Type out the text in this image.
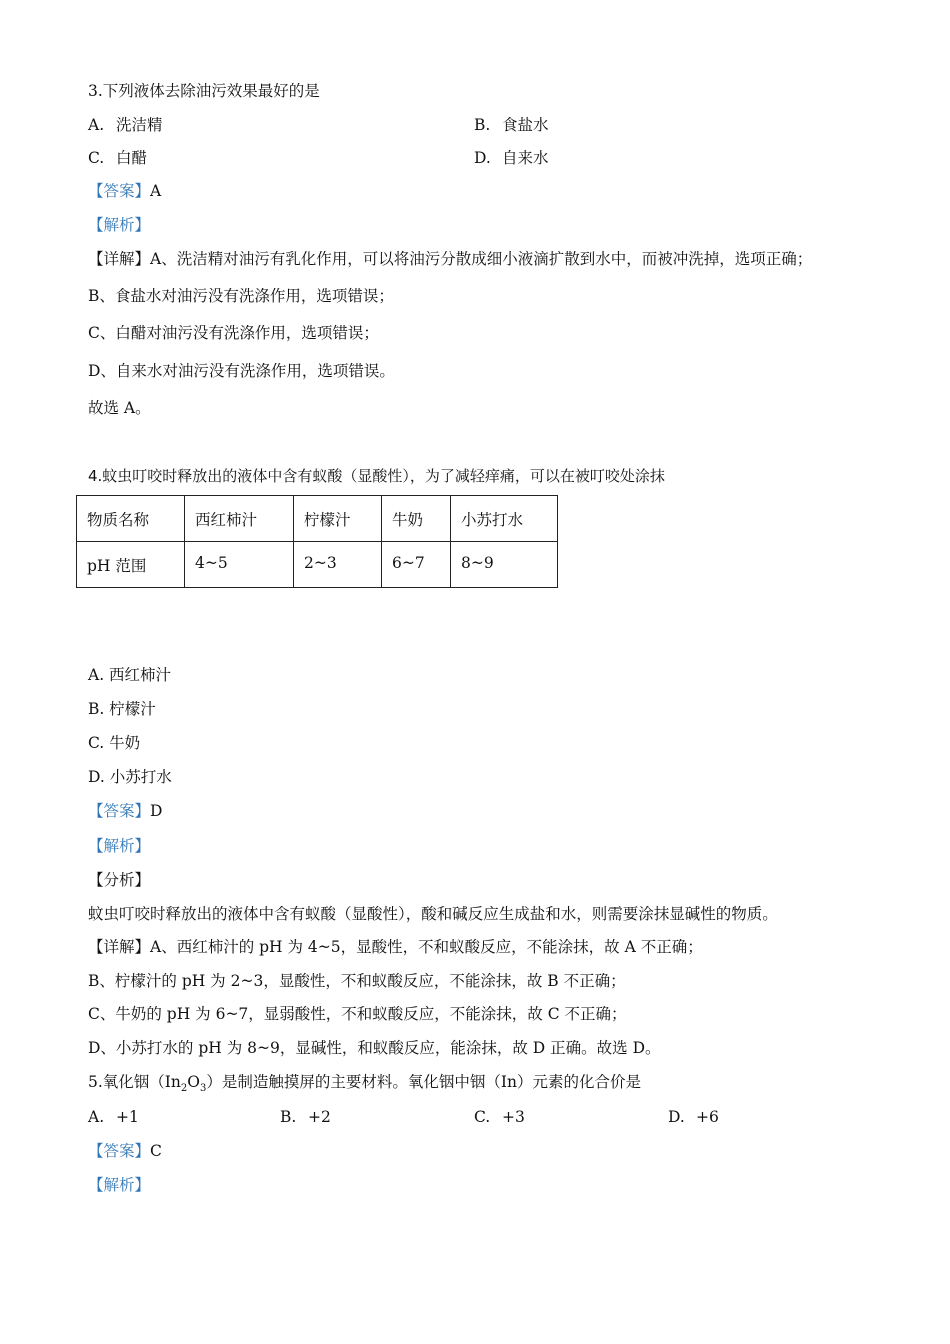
3.下列液体去除油污效果最好的是
A. 洗洁精	B. 食盐水
C. 白醋	D. 自来水
【答案】A
【解析】
【详解】A、洗洁精对油污有乳化作用，可以将油污分散成细小液滴扩散到水中，而被冲洗掉，选项正确；
B、食盐水对油污没有洗涤作用，选项错误；
C、白醋对油污没有洗涤作用，选项错误；
D、自来水对油污没有洗涤作用，选项错误。
故选 A。
4.蚊虫叮咬时释放出的液体中含有蚁酸（显酸性），为了减轻痒痛，可以在被叮咬处涂抹
物质名称	西红柿汁	柠檬汁	牛奶	小苏打水
pH 范围	4~5	2~3	6~7	8~9
A. 西红柿汁
B. 柠檬汁
C. 牛奶
D. 小苏打水
【答案】D
【解析】
【分析】
蚊虫叮咬时释放出的液体中含有蚁酸（显酸性），酸和碱反应生成盐和水，则需要涂抹显碱性的物质。
【详解】A、西红柿汁的 pH 为 4~5，显酸性，不和蚁酸反应，不能涂抹，故 A 不正确；
B、柠檬汁的 pH 为 2~3，显酸性，不和蚁酸反应，不能涂抹，故 B 不正确；
C、牛奶的 pH 为 6~7，显弱酸性，不和蚁酸反应，不能涂抹，故 C 不正确；
D、小苏打水的 pH 为 8~9，显碱性，和蚁酸反应，能涂抹，故 D 正确。故选 D。
5.氧化铟$(In_2O_3)$是制造触摸屏的主要材料。氧化铟中铟（In）元素的化合价是
A. +1	B. +2	C. +3	D. +6
【答案】C
【解析】
